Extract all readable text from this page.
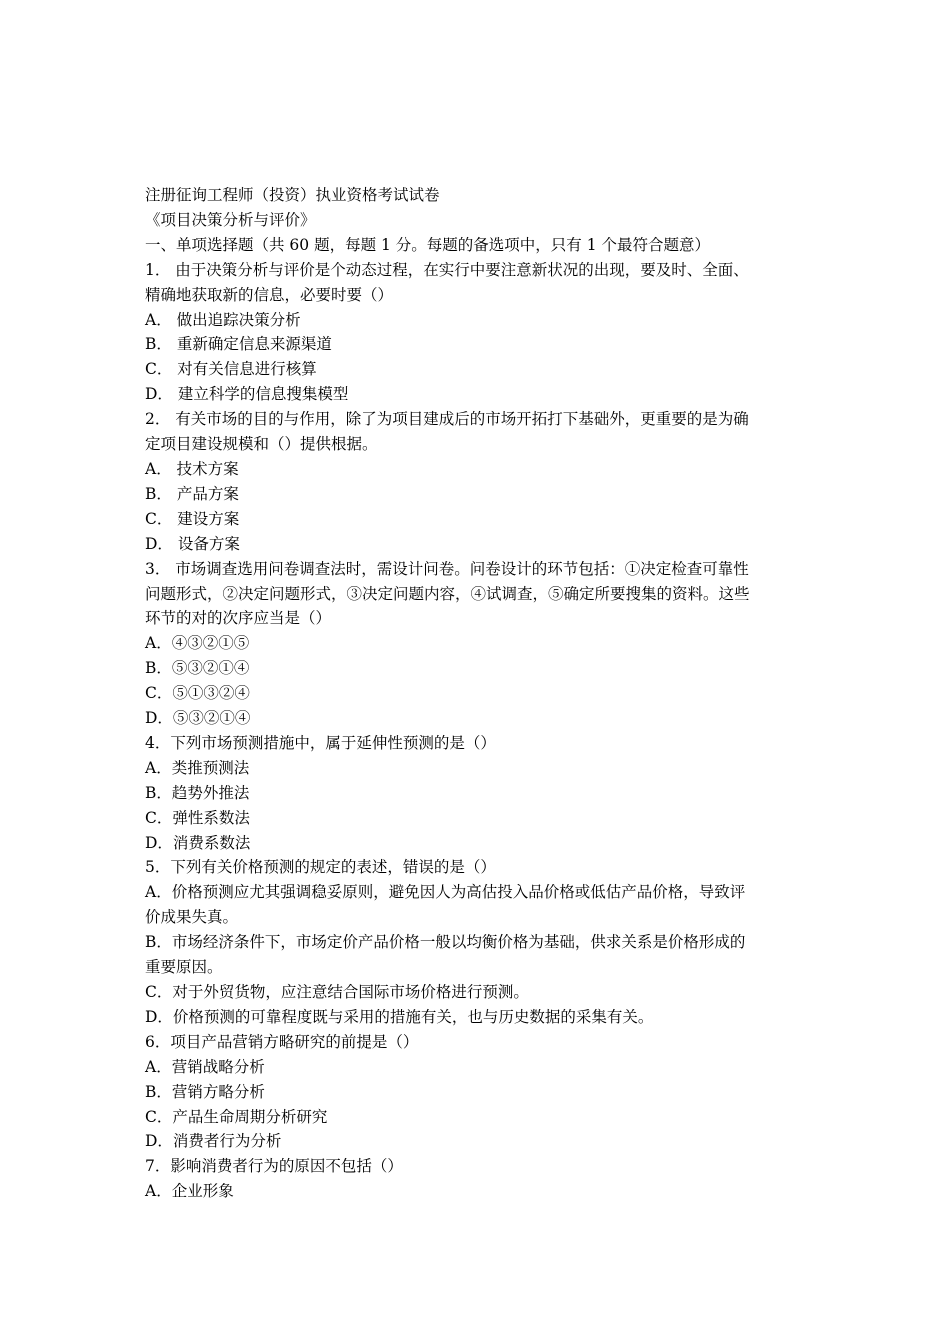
注册征询工程师（投资）执业资格考试试卷
《项目决策分析与评价》
一、单项选择题（共 60 题，每题 1 分。每题的备选项中，只有 1 个最符合题意）
1． 由于决策分析与评价是个动态过程，在实行中要注意新状况的出现，要及时、全面、
精确地获取新的信息，必要时要（）
A． 做出追踪决策分析
B． 重新确定信息来源渠道
C． 对有关信息进行核算
D． 建立科学的信息搜集模型
2． 有关市场的目的与作用，除了为项目建成后的市场开拓打下基础外，更重要的是为确
定项目建设规模和（）提供根据。
A． 技术方案
B． 产品方案
C． 建设方案
D． 设备方案
3． 市场调查选用问卷调查法时，需设计问卷。问卷设计的环节包括：①决定检查可靠性
问题形式，②决定问题形式，③决定问题内容，④试调查，⑤确定所要搜集的资料。这些
环节的对的次序应当是（）
A．④③②①⑤
B．⑤③②①④
C．⑤①③②④
D．⑤③②①④
4．下列市场预测措施中，属于延伸性预测的是（）
A．类推预测法
B．趋势外推法
C．弹性系数法
D．消费系数法
5．下列有关价格预测的规定的表述，错误的是（）
A．价格预测应尤其强调稳妥原则，避免因人为高估投入品价格或低估产品价格，导致评
价成果失真。
B．市场经济条件下，市场定价产品价格一般以均衡价格为基础，供求关系是价格形成的
重要原因。
C．对于外贸货物，应注意结合国际市场价格进行预测。
D．价格预测的可靠程度既与采用的措施有关，也与历史数据的采集有关。
6．项目产品营销方略研究的前提是（）
A．营销战略分析
B．营销方略分析
C．产品生命周期分析研究
D．消费者行为分析
7．影响消费者行为的原因不包括（）
A．企业形象
